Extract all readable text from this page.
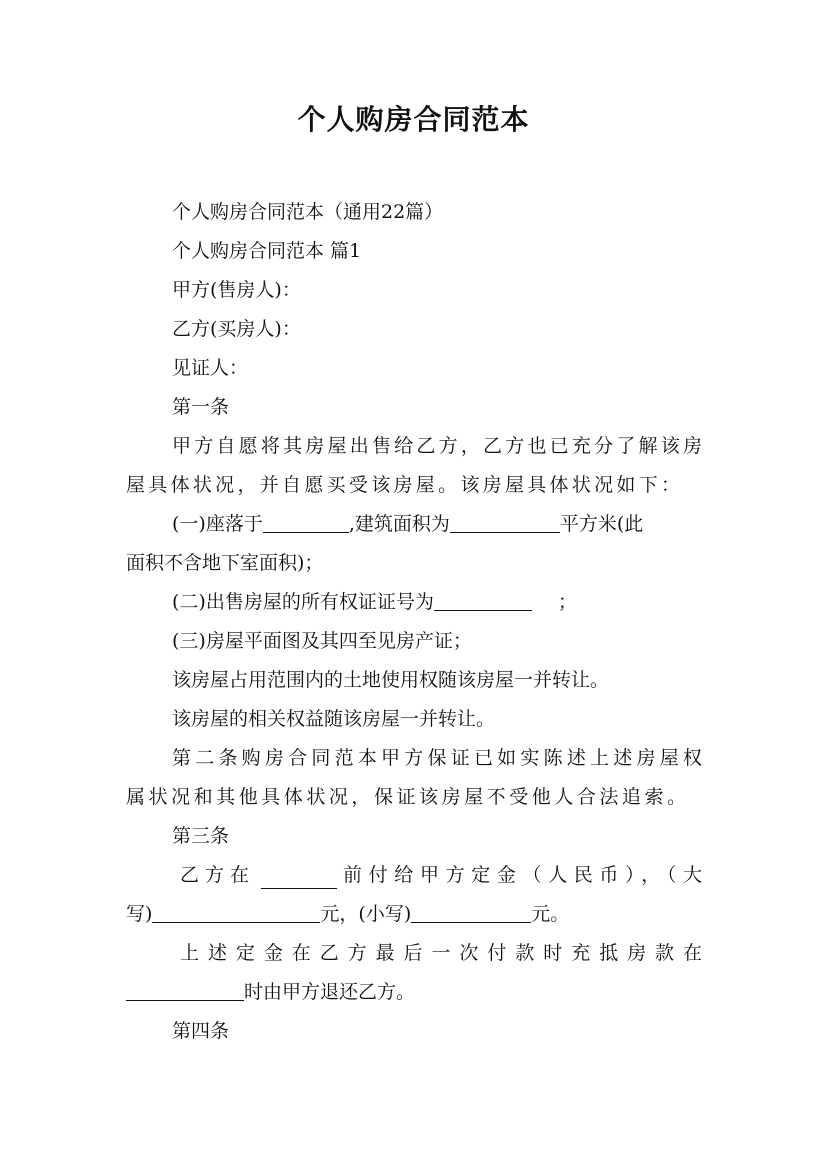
个人购房合同范本
个人购房合同范本（通用22篇）
个人购房合同范本 篇1
甲方(售房人)：
乙方(买房人)：
见证人：
第一条
甲方自愿将其房屋出售给乙方，乙方也已充分了解该房
屋具体状况，并自愿买受该房屋。该房屋具体状况如下：
(一)座落于	,建筑面积为	平方米(此
面积不含地下室面积)；
(二)出售房屋的所有权证证号为	；
(三)房屋平面图及其四至见房产证；
该房屋占用范围内的土地使用权随该房屋一并转让。
该房屋的相关权益随该房屋一并转让。
第二条购房合同范本甲方保证已如实陈述上述房屋权
属状况和其他具体状况，保证该房屋不受他人合法追索。
第三条
乙方在	前付给甲方定金（人民币），（大
写)	元，(小写)	元。
上述定金在乙方最后一次付款时充抵房款在
时由甲方退还乙方。
第四条
